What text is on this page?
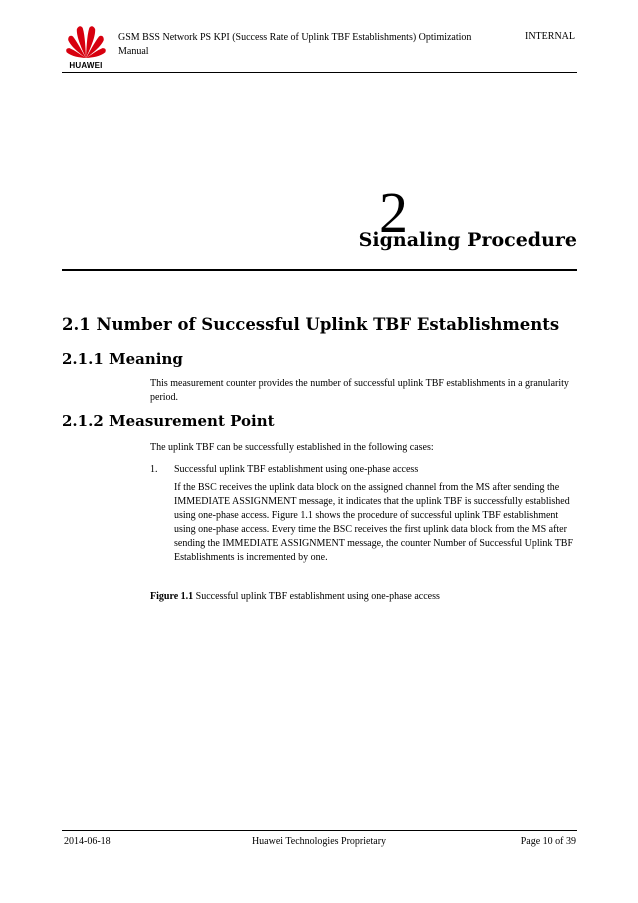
HUAWEI
GSM BSS Network PS KPI (Success Rate of Uplink TBF Establishments) Optimization Manual
INTERNAL
2
Signaling Procedure
2.1 Number of Successful Uplink TBF Establishments
2.1.1 Meaning
This measurement counter provides the number of successful uplink TBF establishments in a granularity period.
2.1.2 Measurement Point
The uplink TBF can be successfully established in the following cases:
1. Successful uplink TBF establishment using one-phase access
If the BSC receives the uplink data block on the assigned channel from the MS after sending the IMMEDIATE ASSIGNMENT message, it indicates that the uplink TBF is successfully established using one-phase access. Figure 1.1 shows the procedure of successful uplink TBF establishment using one-phase access. Every time the BSC receives the first uplink data block from the MS after sending the IMMEDIATE ASSIGNMENT message, the counter Number of Successful Uplink TBF Establishments is incremented by one.
Figure 1.1 Successful uplink TBF establishment using one-phase access
2014-06-18	Huawei Technologies Proprietary	Page 10 of 39
